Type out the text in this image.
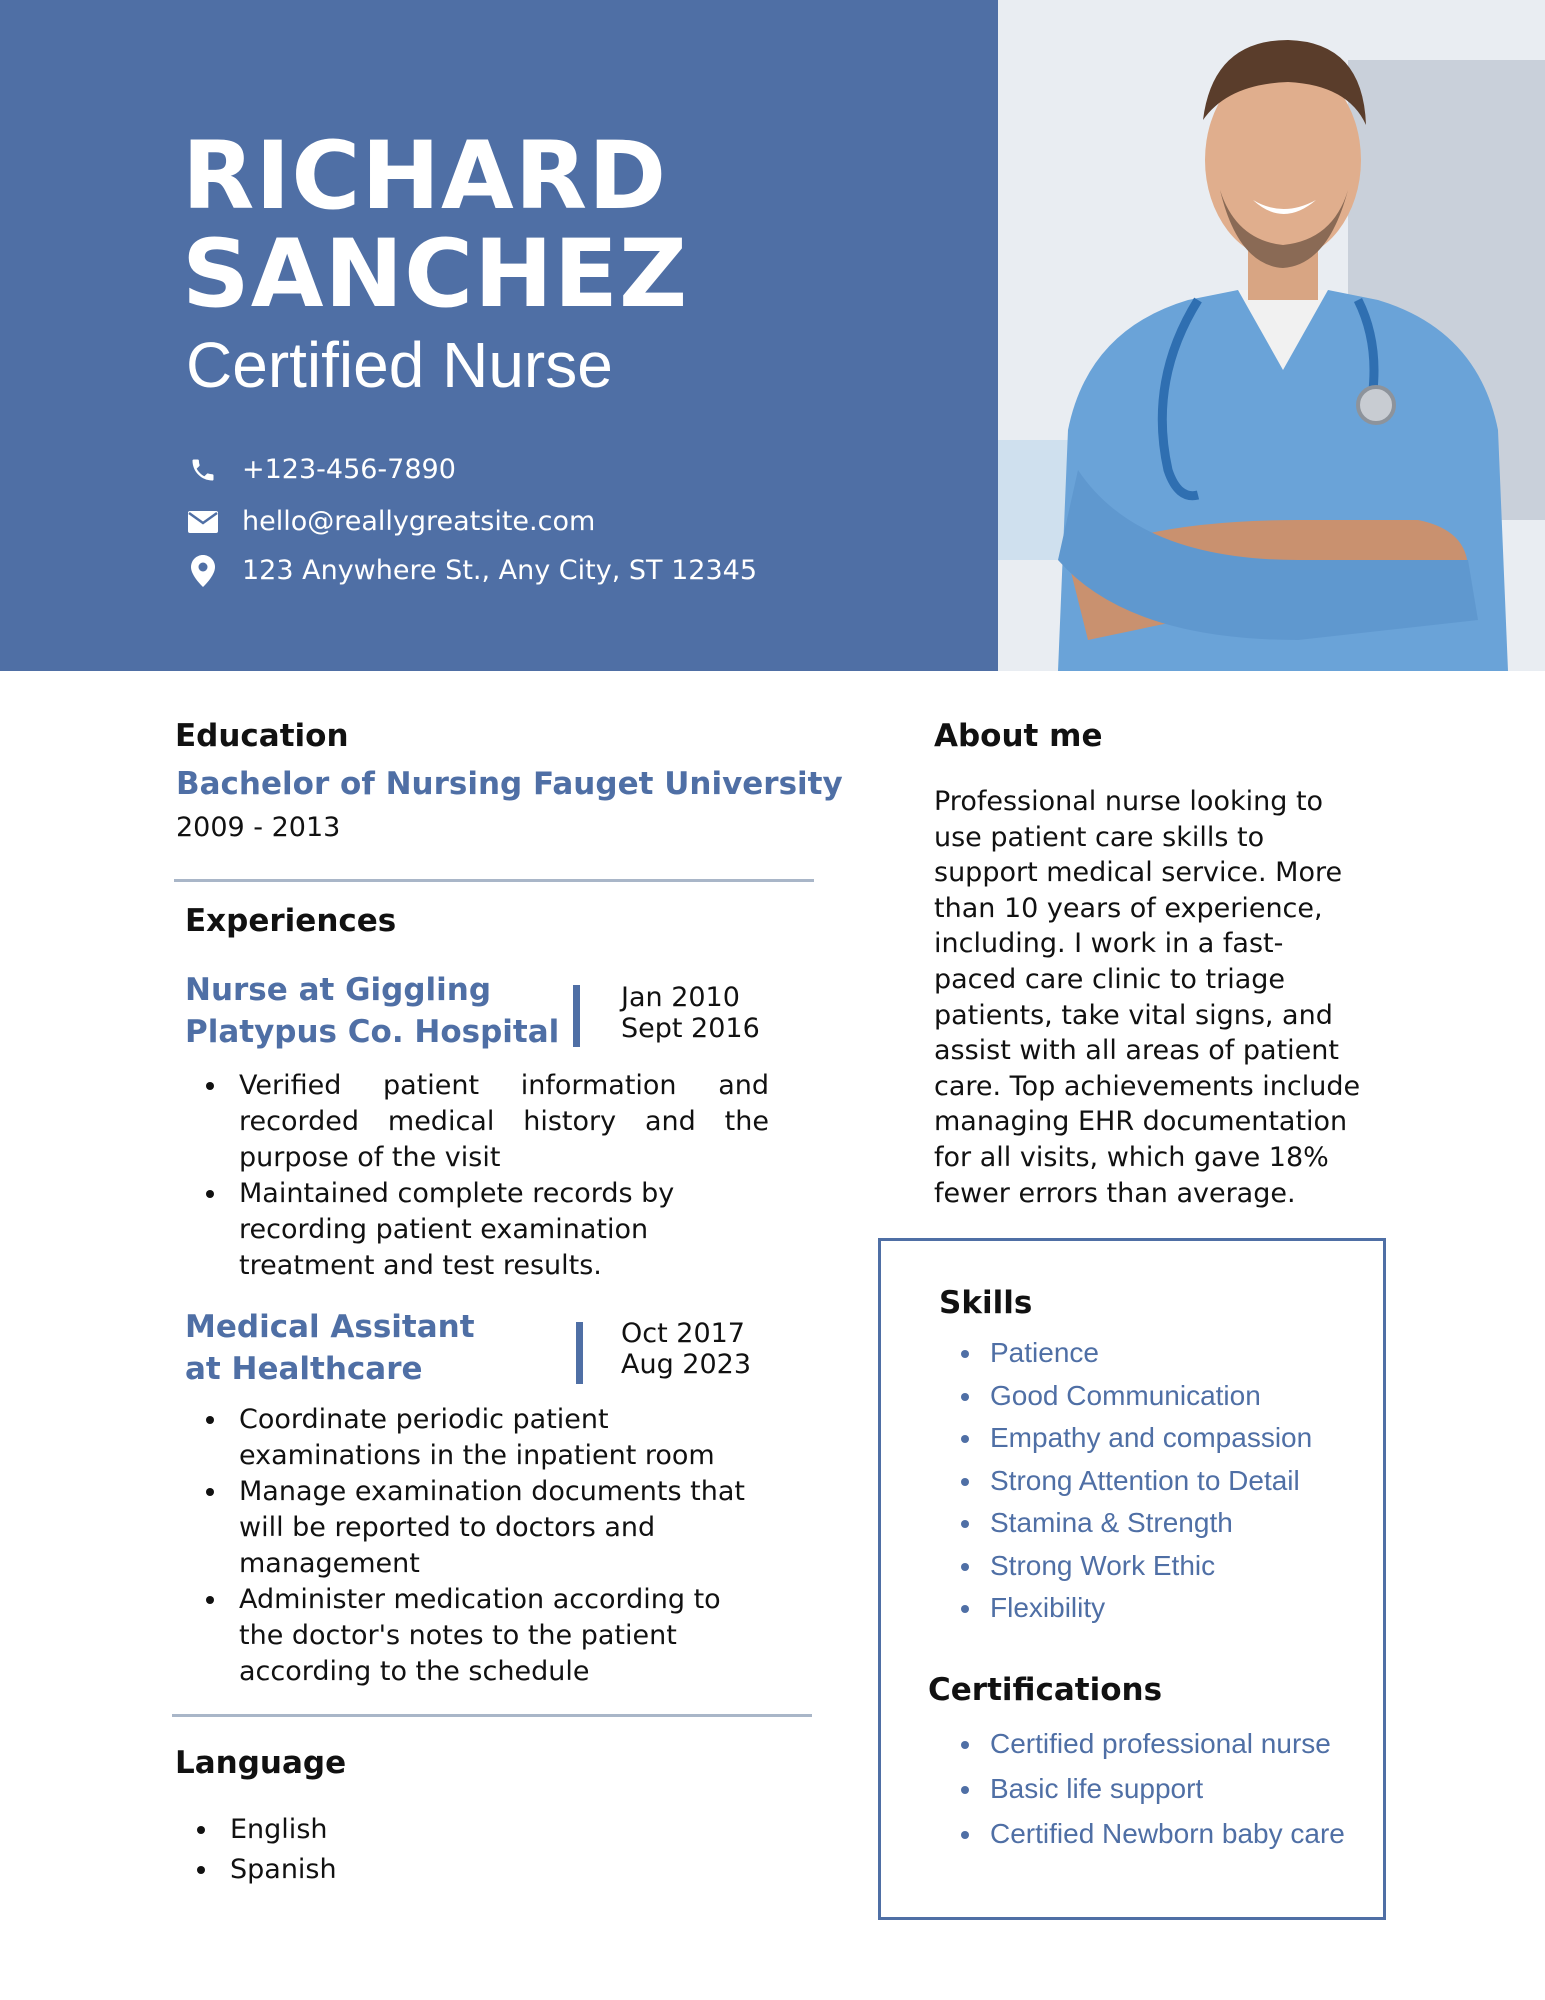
RICHARD
SANCHEZ
Certified Nurse
+123-456-7890
hello@reallygreatsite.com
123 Anywhere St., Any City, ST 12345
Education
Bachelor of Nursing Fauget University
2009 - 2013
Experiences
Nurse at Giggling
Platypus Co. Hospital
Jan 2010
Sept 2016
• Verified patient information and recorded medical history and the purpose of the visit
• Maintained complete records by recording patient examination treatment and test results.
Medical Assitant
at Healthcare
Oct 2017
Aug 2023
• Coordinate periodic patient examinations in the inpatient room
• Manage examination documents that will be reported to doctors and management
• Administer medication according to the doctor's notes to the patient according to the schedule
Language
• English
• Spanish
About me
Professional nurse looking to use patient care skills to support medical service. More than 10 years of experience, including. I work in a fast-paced care clinic to triage patients, take vital signs, and assist with all areas of patient care. Top achievements include managing EHR documentation for all visits, which gave 18% fewer errors than average.
Skills
• Patience
• Good Communication
• Empathy and compassion
• Strong Attention to Detail
• Stamina & Strength
• Strong Work Ethic
• Flexibility
Certifications
• Certified professional nurse
• Basic life support
• Certified Newborn baby care
